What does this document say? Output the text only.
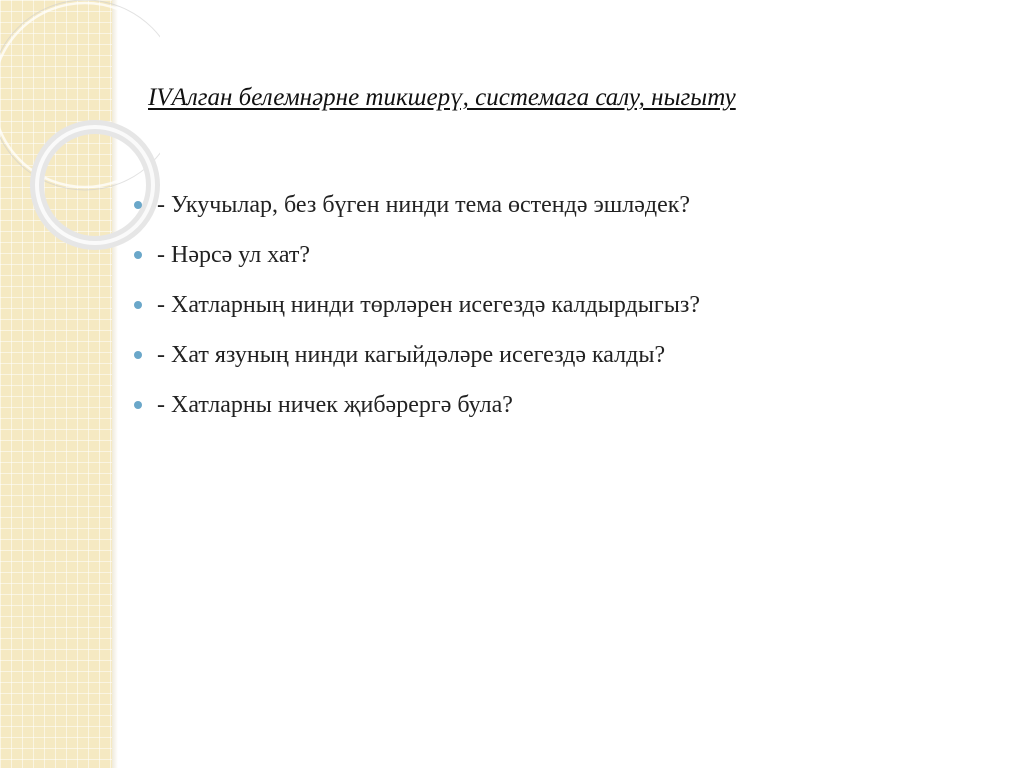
IVАлган белемнәрне тикшерү, системага салу, ныгыту
- Укучылар, без бүген нинди тема өстендә эшләдек?
- Нәрсә ул хат?
- Хатларның нинди төрләрен исегездә калдырдыгыз?
- Хат язуның нинди кагыйдәләре исегездә калды?
- Хатларны ничек җибәрергә була?
